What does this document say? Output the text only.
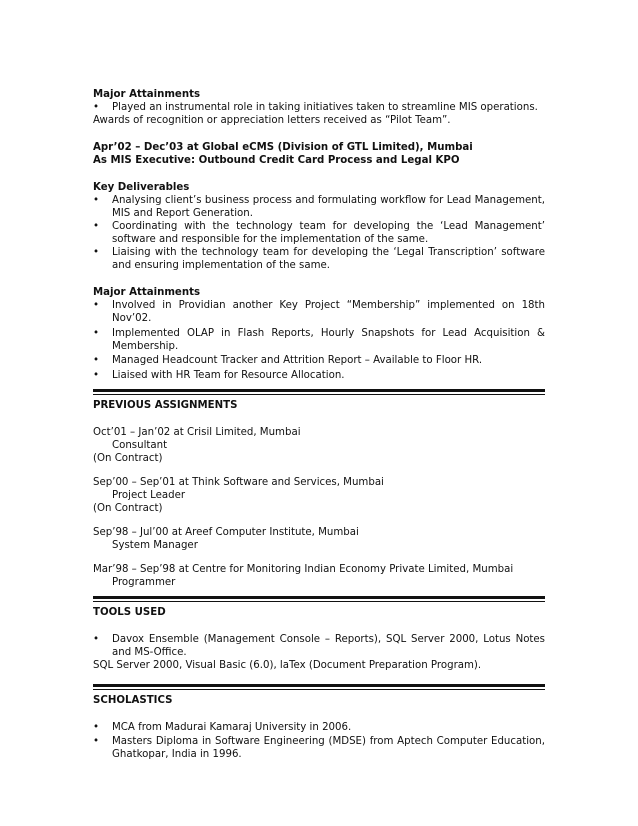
Major Attainments

• Played an instrumental role in taking initiatives taken to streamline MIS operations.

Awards of recognition or appreciation letters received as “Pilot Team”.

Apr’02 – Dec’03 at Global eCMS (Division of GTL Limited), Mumbai

As MIS Executive: Outbound Credit Card Process and Legal KPO

Key Deliverables

• Analysing client’s business process and formulating workflow for Lead Management, MIS and Report Generation.
• Coordinating with the technology team for developing the ‘Lead Management’ software and responsible for the implementation of the same.
• Liaising with the technology team for developing the ‘Legal Transcription’ software and ensuring implementation of the same.

Major Attainments

• Involved in Providian another Key Project “Membership” implemented on 18th Nov’02.
• Implemented OLAP in Flash Reports, Hourly Snapshots for Lead Acquisition & Membership.
• Managed Headcount Tracker and Attrition Report – Available to Floor HR.
• Liaised with HR Team for Resource Allocation.

PREVIOUS ASSIGNMENTS

Oct’01 – Jan’02 at Crisil Limited, Mumbai

Consultant

(On Contract)

Sep’00 – Sep’01 at Think Software and Services, Mumbai

Project Leader

(On Contract)

Sep’98 – Jul’00 at Areef Computer Institute, Mumbai

System Manager

Mar’98 – Sep’98 at Centre for Monitoring Indian Economy Private Limited, Mumbai

Programmer

TOOLS USED

• Davox Ensemble (Management Console – Reports), SQL Server 2000, Lotus Notes and MS-Office.

SQL Server 2000, Visual Basic (6.0), laTex (Document Preparation Program).

SCHOLASTICS

• MCA from Madurai Kamaraj University in 2006.
• Masters Diploma in Software Engineering (MDSE) from Aptech Computer Education, Ghatkopar, India in 1996.
